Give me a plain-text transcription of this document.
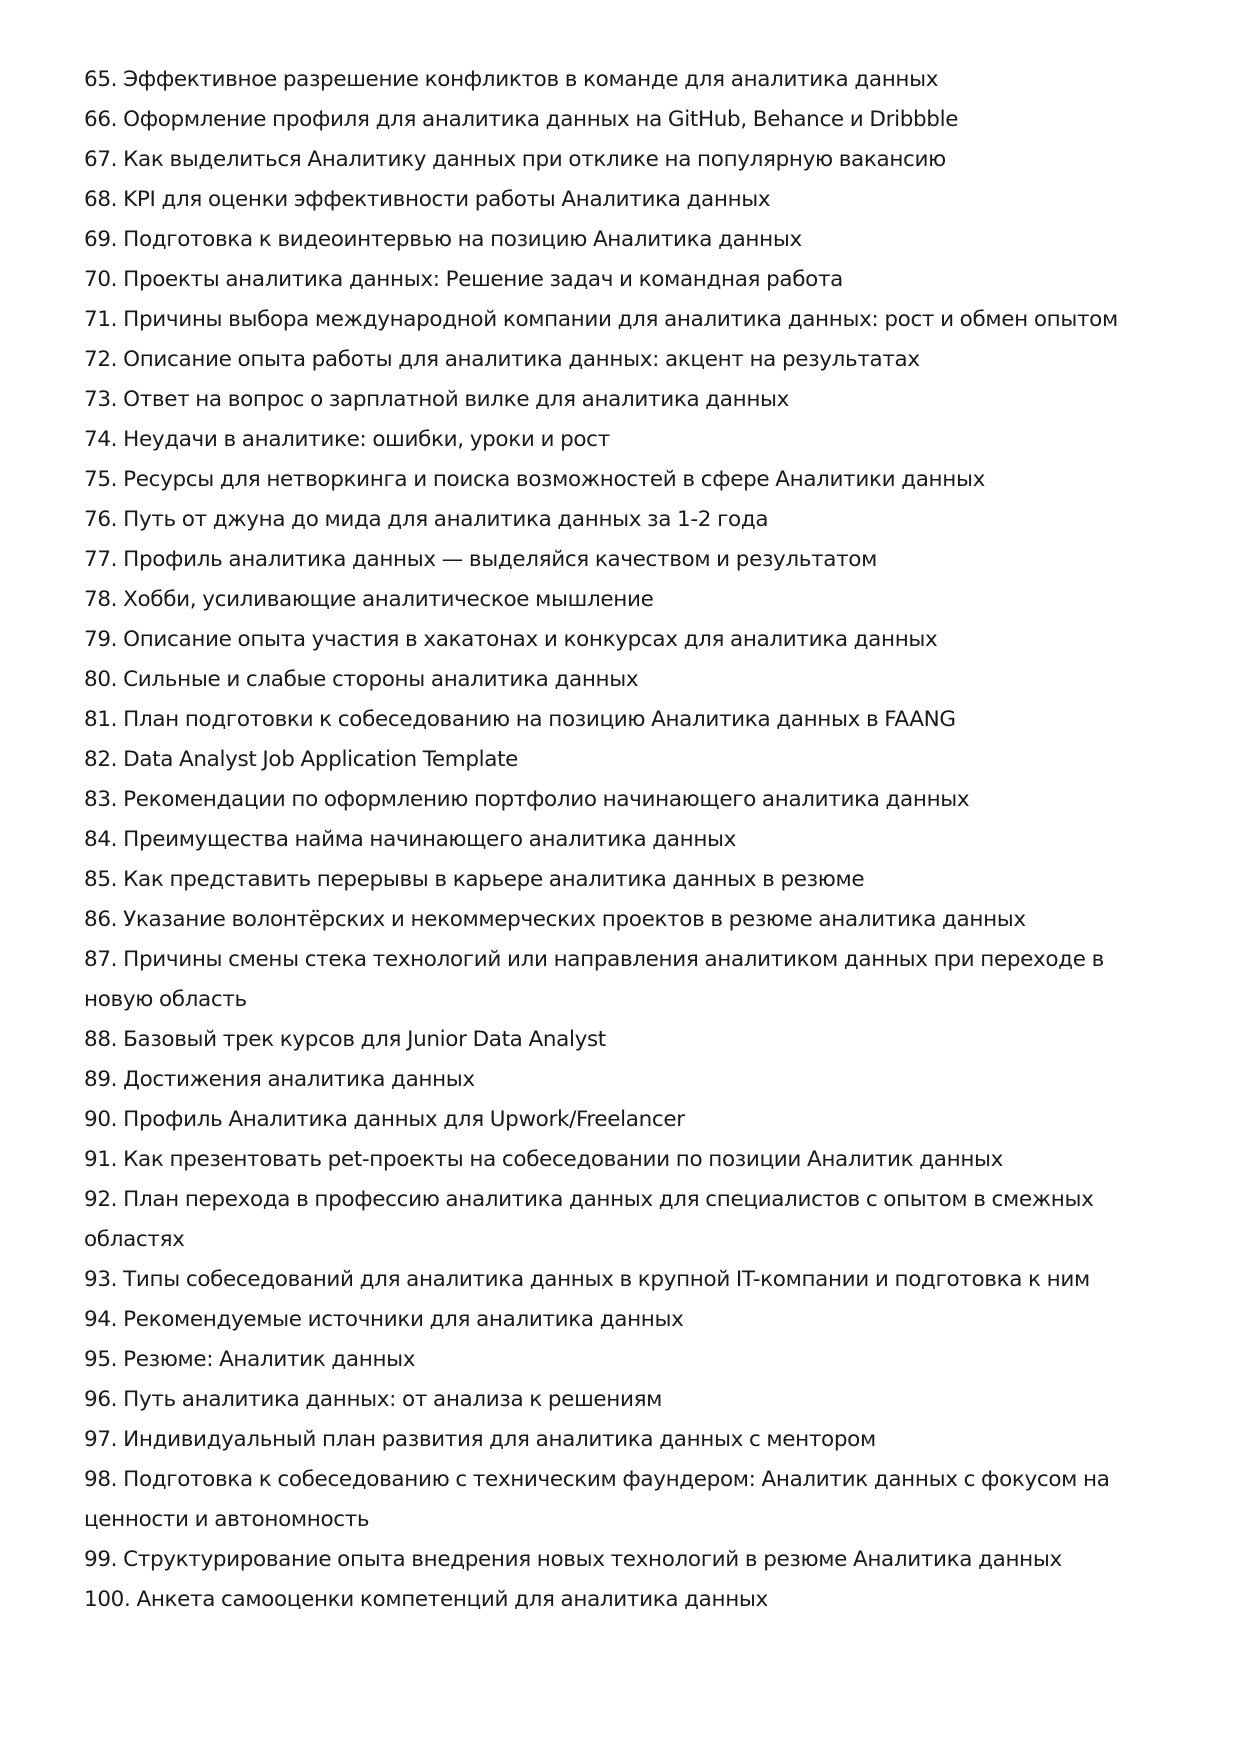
65. Эффективное разрешение конфликтов в команде для аналитика данных
66. Оформление профиля для аналитика данных на GitHub, Behance и Dribbble
67. Как выделиться Аналитику данных при отклике на популярную вакансию
68. KPI для оценки эффективности работы Аналитика данных
69. Подготовка к видеоинтервью на позицию Аналитика данных
70. Проекты аналитика данных: Решение задач и командная работа
71. Причины выбора международной компании для аналитика данных: рост и обмен опытом
72. Описание опыта работы для аналитика данных: акцент на результатах
73. Ответ на вопрос о зарплатной вилке для аналитика данных
74. Неудачи в аналитике: ошибки, уроки и рост
75. Ресурсы для нетворкинга и поиска возможностей в сфере Аналитики данных
76. Путь от джуна до мида для аналитика данных за 1-2 года
77. Профиль аналитика данных — выделяйся качеством и результатом
78. Хобби, усиливающие аналитическое мышление
79. Описание опыта участия в хакатонах и конкурсах для аналитика данных
80. Сильные и слабые стороны аналитика данных
81. План подготовки к собеседованию на позицию Аналитика данных в FAANG
82. Data Analyst Job Application Template
83. Рекомендации по оформлению портфолио начинающего аналитика данных
84. Преимущества найма начинающего аналитика данных
85. Как представить перерывы в карьере аналитика данных в резюме
86. Указание волонтёрских и некоммерческих проектов в резюме аналитика данных
87. Причины смены стека технологий или направления аналитиком данных при переходе в новую область
88. Базовый трек курсов для Junior Data Analyst
89. Достижения аналитика данных
90. Профиль Аналитика данных для Upwork/Freelancer
91. Как презентовать pet-проекты на собеседовании по позиции Аналитик данных
92. План перехода в профессию аналитика данных для специалистов с опытом в смежных областях
93. Типы собеседований для аналитика данных в крупной IT-компании и подготовка к ним
94. Рекомендуемые источники для аналитика данных
95. Резюме: Аналитик данных
96. Путь аналитика данных: от анализа к решениям
97. Индивидуальный план развития для аналитика данных с ментором
98. Подготовка к собеседованию с техническим фаундером: Аналитик данных с фокусом на ценности и автономность
99. Структурирование опыта внедрения новых технологий в резюме Аналитика данных
100. Анкета самооценки компетенций для аналитика данных
